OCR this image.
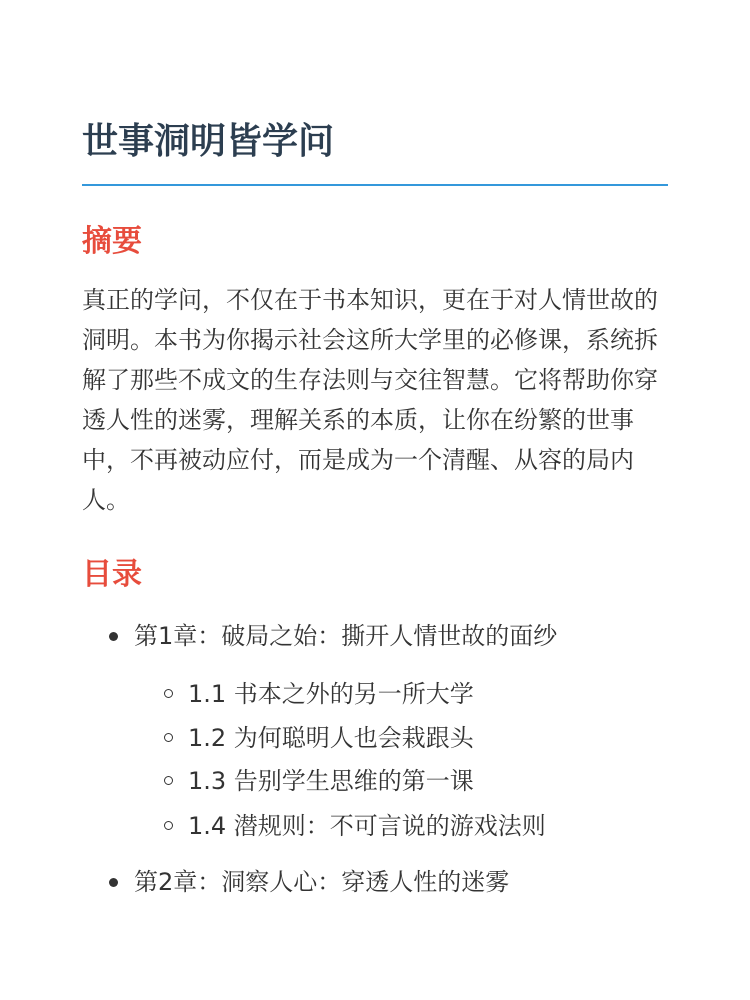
世事洞明皆学问
摘要

真正的学问，不仅在于书本知识，更在于对人情世故的洞明。本书为你揭示社会这所大学里的必修课，系统拆解了那些不成文的生存法则与交往智慧。它将帮助你穿透人性的迷雾，理解关系的本质，让你在纷繁的世事中，不再被动应付，而是成为一个清醒、从容的局内人。

目录
第1章：破局之始：撕开人情世故的面纱
1.1 书本之外的另一所大学
1.2 为何聪明人也会栽跟头
1.3 告别学生思维的第一课
1.4 潜规则：不可言说的游戏法则
第2章：洞察人心：穿透人性的迷雾
